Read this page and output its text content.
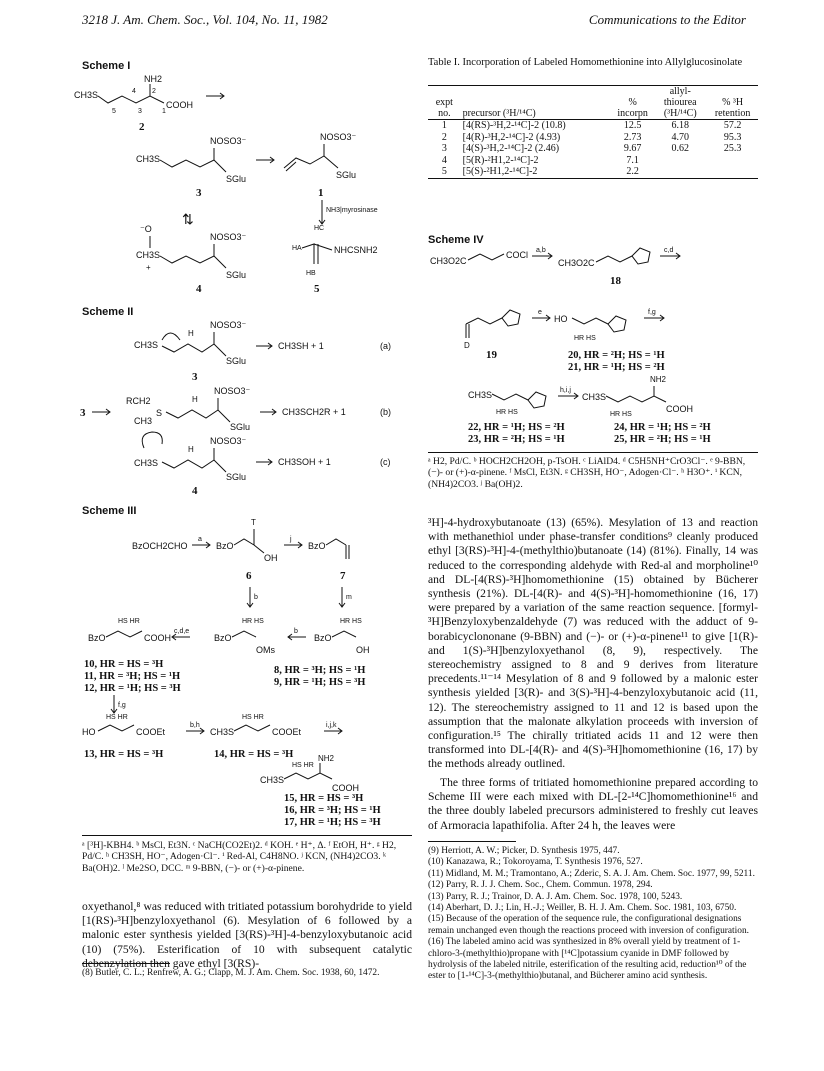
3218 J. Am. Chem. Soc., Vol. 104, No. 11, 1982	Communications to the Editor
Scheme I
CH3S
NH2
COOH
4 2
5	3	1
2
CH3S
NOSO3⁻
SGlu
3
NOSO3⁻
SGlu
1
NH3|myrosinase
⇅
⁻O
CH3S
+
NOSO3⁻
SGlu
4
HC
HA	NHCSNH2
HB
5
Scheme II
CH3S
NOSO3⁻
H
SGlu
CH3SH + 1	(a)
3
3
RCH2
CH3
S
NOSO3⁻
H
SGlu
CH3SCH2R + 1	(b)
CH3S
NOSO3⁻
H
SGlu
CH3SOH + 1	(c)
4
Scheme III
BzOCH2CHO
a
BzO
T
OH
6
j
BzO
7
b	m
BzO
HS HR
COOH
c,d,e
BzO
HR HS
OMs
b
BzO
HR HS
OH
10, HR = HS = ³H
11, HR = ³H; HS = ¹H
12, HR = ¹H; HS = ³H
8, HR = ³H; HS = ¹H
9, HR = ¹H; HS = ³H
f,g
HO
HS HR
COOEt
b,h
CH3S
HS HR
COOEt
i,j,k
13, HR = HS = ³H	14, HR = HS = ³H
CH3S
HS HR
NH2
COOH
15, HR = HS = ³H
16, HR = ³H; HS = ¹H
17, HR = ¹H; HS = ³H
ᵃ [³H]-KBH4. ᵇ MsCl, Et3N. ᶜ NaCH(CO2Et)2. ᵈ KOH. ᵉ H⁺, Δ. ᶠ EtOH, H⁺. ᵍ H2, Pd/C. ʰ CH3SH, HO⁻, Adogen·Cl⁻. ⁱ Red-Al, C4H8NO. ʲ KCN, (NH4)2CO3. ᵏ Ba(OH)2. ˡ Me2SO, DCC. ᵐ 9-BBN, (−)- or (+)-α-pinene.
oxyethanol,⁸ was reduced with tritiated potassium borohydride to yield [1(RS)-³H]benzyloxyethanol (6). Mesylation of 6 followed by a malonic ester synthesis yielded [3(RS)-³H]-4-benzyloxybutanoic acid (10) (75%). Esterification of 10 with subsequent catalytic debenzylation then gave ethyl [3(RS)-
(8) Butler, C. L.; Renfrew, A. G.; Clapp, M. J. Am. Chem. Soc. 1938, 60, 1472.
Table I. Incorporation of Labeled Homomethionine into Allylglucosinolate
expt no.	precursor (³H/¹⁴C)	% incorpn	allyl-thiourea (³H/¹⁴C)	% ³H retention
1	[4(RS)-³H,2-¹⁴C]-2 (10.8)	12.5	6.18	57.2
2	[4(R)-³H,2-¹⁴C]-2 (4.93)	2.73	4.70	95.3
3	[4(S)-³H,2-¹⁴C]-2 (2.46)	9.67	0.62	25.3
4	[5(R)-²H1,2-¹⁴C]-2	7.1		
5	[5(S)-²H1,2-¹⁴C]-2	2.2		
Scheme IV
CH3O2C
COCl a,b
CH3O2C
c,d
18
D
e
HO
HR HS
f,g
19	20, HR = ²H; HS = ¹H
21, HR = ¹H; HS = ²H
CH3S
HR HS
h,i,j
CH3S
HR HS
NH2
COOH
22, HR = ¹H; HS = ²H
23, HR = ²H; HS = ¹H
24, HR = ¹H; HS = ²H
25, HR = ²H; HS = ¹H
ᵃ H2, Pd/C. ᵇ HOCH2CH2OH, p-TsOH. ᶜ LiAlD4. ᵈ C5H5NH⁺CrO3Cl⁻. ᵉ 9-BBN, (−)- or (+)-α-pinene. ᶠ MsCl, Et3N. ᵍ CH3SH, HO⁻, Adogen·Cl⁻. ʰ H3O⁺. ⁱ KCN, (NH4)2CO3. ʲ Ba(OH)2.
³H]-4-hydroxybutanoate (13) (65%). Mesylation of 13 and reaction with methanethiol under phase-transfer conditions⁹ cleanly produced ethyl [3(RS)-³H]-4-(methylthio)butanoate (14) (81%). Finally, 14 was reduced to the corresponding aldehyde with Red-al and morpholine¹⁰ and DL-[4(RS)-³H]homomethionine (15) obtained by Bücherer synthesis (21%). DL-[4(R)- and 4(S)-³H]-homomethionine (16, 17) were prepared by a variation of the same reaction sequence. [formyl-³H]Benzyloxybenzaldehyde (7) was reduced with the adduct of 9-borabicyclononane (9-BBN) and (−)- or (+)-α-pinene¹¹ to give [1(R)- and 1(S)-³H]benzyloxyethanol (8, 9), respectively. The stereochemistry assigned to 8 and 9 derives from literature precedents.¹¹⁻¹⁴ Mesylation of 8 and 9 followed by a malonic ester synthesis yielded [3(R)- and 3(S)-³H]-4-benzyloxybutanoic acid (11, 12). The stereochemistry assigned to 11 and 12 is based upon the assumption that the malonate alkylation proceeds with inversion of configuration.¹⁵ The chirally tritiated acids 11 and 12 were then transformed into DL-[4(R)- and 4(S)-³H]homomethionine (16, 17) by the methods already outlined.
The three forms of tritiated homomethionine prepared according to Scheme III were each mixed with DL-[2-¹⁴C]homomethionine¹⁶ and the three doubly labeled precursors administered to freshly cut leaves of Armoracia lapathifolia. After 24 h, the leaves were
(9) Herriott, A. W.; Picker, D. Synthesis 1975, 447.
(10) Kanazawa, R.; Tokoroyama, T. Synthesis 1976, 527.
(11) Midland, M. M.; Tramontano, A.; Zderic, S. A. J. Am. Chem. Soc. 1977, 99, 5211.
(12) Parry, R. J. J. Chem. Soc., Chem. Commun. 1978, 294.
(13) Parry, R. J.; Trainor, D. A. J. Am. Chem. Soc. 1978, 100, 5243.
(14) Aberhart, D. J.; Lin, H.-J.; Weiller, B. H. J. Am. Chem. Soc. 1981, 103, 6750.
(15) Because of the operation of the sequence rule, the configurational designations remain unchanged even though the reactions proceed with inversion of configuration.
(16) The labeled amino acid was synthesized in 8% overall yield by treatment of 1-chloro-3-(methylthio)propane with [¹⁴C]potassium cyanide in DMF followed by hydrolysis of the labeled nitrile, esterification of the resulting acid, reduction¹⁰ of the ester to [1-¹⁴C]-3-(methylthio)butanal, and Bücherer amino acid synthesis.
